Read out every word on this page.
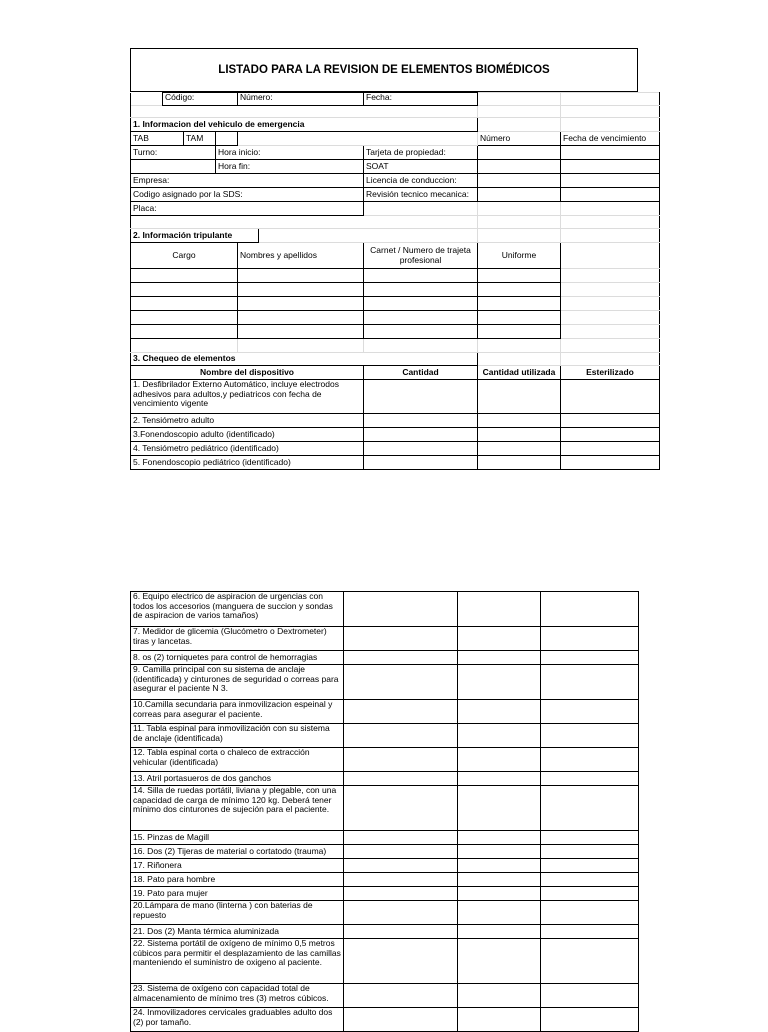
LISTADO PARA LA REVISION DE ELEMENTOS BIOMÉDICOS
	Código:			Número:		Fecha:		

1. Informacion del vehiculo de emergencia								
TAB		TAM					Número	Fecha de vencimiento
Turno:			Hora inicio:			Tarjeta de propiedad:		
			Hora fin:			SOAT		
Empresa:						Licencia de conduccion:		
Codigo asignado por la SDS:						Revisión tecnico mecanica:		
Placa:								

2. Información tripulante								
Cargo				Nombres y apellidos		Carnet / Numero de trajeta profesional	Uniforme	

3. Chequeo de elementos								
Nombre del dispositivo						Cantidad	Cantidad utilizada	Esterilizado
1. Desfibrilador Externo Automático, incluye electrodos adhesivos para adultos,y pediatricos con fecha de vencimiento vigente								
2. Tensiómetro adulto								
3.Fonendoscopio adulto (identificado)								
4. Tensiómetro pediátrico (identificado)								
5. Fonendoscopio pediátrico (identificado)								
6. Equipo electrico de aspiracion de urgencias con todos los accesorios (manguera de succion y sondas de aspiracion de varios tamaños)			
7. Medidor de glicemia (Glucómetro o Dextrometer) tiras y lancetas.			
8. os (2) torniquetes para control de hemorragias			
9. Camilla principal con su sistema de anclaje (identificada) y cinturones de seguridad o correas para asegurar el paciente N 3.			
10.Camilla secundaria para inmovilizacion espeinal y correas para asegurar el paciente.			
11. Tabla espinal para inmovilización con su sistema de anclaje (identificada)			
12. Tabla espinal corta o chaleco de extracción vehicular (identificada)			
13. Atril portasueros de dos ganchos			
14. Silla de ruedas portátil, liviana y plegable, con una capacidad de carga de mínimo 120 kg. Deberá tener mínimo dos cinturones de sujeción para el paciente.			
15. Pinzas de Magill			
16. Dos (2) Tijeras de material o cortatodo (trauma)			
17. Riñonera			
18. Pato para hombre			
19. Pato para mujer			
20.Lámpara de mano (linterna ) con baterias de repuesto			
21. Dos (2) Manta térmica aluminizada			
22. Sistema portátil de oxígeno de mínimo 0,5 metros cúbicos para permitir el desplazamiento de las camillas manteniendo el suministro de oxigeno al paciente.			
23. Sistema de oxígeno con capacidad total de almacenamiento de mínimo tres (3) metros cúbicos.			
24. Inmovilizadores cervicales graduables adulto dos (2) por tamaño.			
